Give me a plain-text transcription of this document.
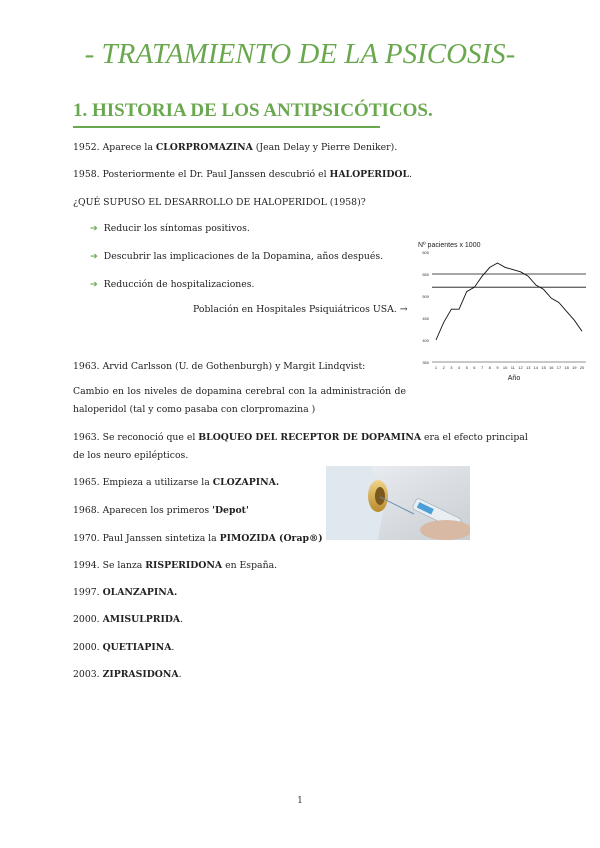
- TRATAMIENTO DE LA PSICOSIS-
1. HISTORIA DE LOS ANTIPSICÓTICOS.
1952. Aparece la CLORPROMAZINA (Jean Delay y Pierre Deniker).
1958. Posteriormente el Dr. Paul Janssen descubrió el HALOPERIDOL.
¿QUÉ SUPUSO EL DESARROLLO DE HALOPERIDOL (1958)?
➔ Reducir los síntomas positivos.
➔ Descubrir las implicaciones de la Dopamina, años después.
➔ Reducción de hospitalizaciones.
Población en Hospitales Psiquiátricos USA. →
Nº pacientes x 1000
350
400
450
500
550
600
1 2 3 4 5 6 7 8 9 10 11 12 13 14 15 16 17 18 19 20
Año
1963. Arvid Carlsson (U. de Gothenburgh) y Margit Lindqvist:
Cambio en los niveles de dopamina cerebral con la administración de haloperidol (tal y como pasaba con clorpromazina )
1963. Se reconoció que el BLOQUEO DEL RECEPTOR DE DOPAMINA era el efecto principal de los neuro epilépticos.
1965. Empieza a utilizarse la CLOZAPINA.
1968. Aparecen los primeros 'Depot'
1970. Paul Janssen sintetiza la PIMOZIDA (Orap®)
1994. Se lanza RISPERIDONA en España.
1997. OLANZAPINA.
2000. AMISULPRIDA.
2000. QUETIAPINA.
2003. ZIPRASIDONA.
1
